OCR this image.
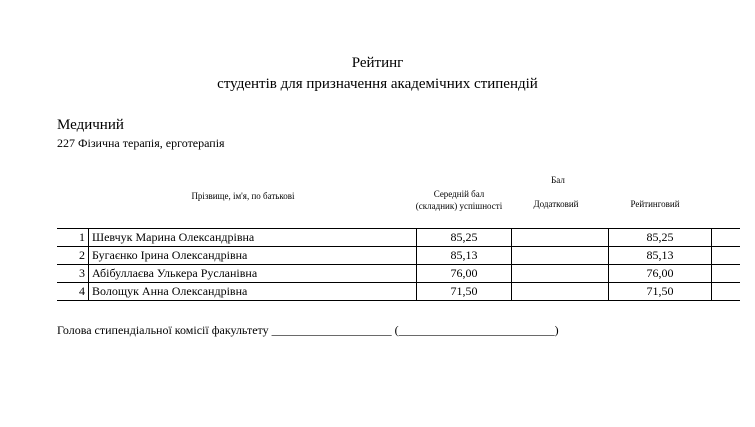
Рейтинг
студентів для призначення академічних стипендій
Медичний
227 Фізична терапія, ерготерапія
Бал
Прізвище, ім'я, по батькові	Середній бал (складник) успішності	Додатковий	Рейтинговий
1	Шевчук Марина Олександрівна	85,25		85,25	
2	Бугаєнко Ірина Олександрівна	85,13		85,13	
3	Абібуллаєва Улькера Русланівна	76,00		76,00	
4	Волощук Анна Олександрівна	71,50		71,50	
Голова стипендіальної комісії факультету ____________________ (__________________________)
